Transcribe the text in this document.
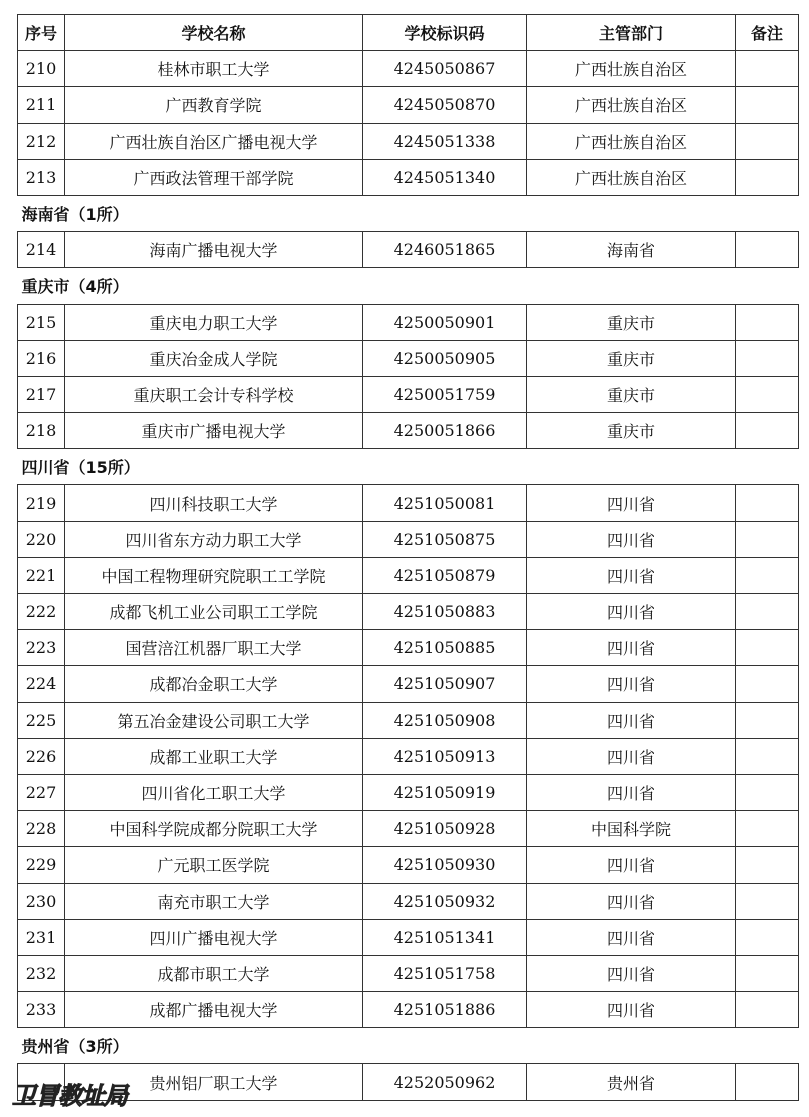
序号	学校名称	学校标识码	主管部门	备注
210	桂林市职工大学	4245050867	广西壮族自治区	
211	广西教育学院	4245050870	广西壮族自治区	
212	广西壮族自治区广播电视大学	4245051338	广西壮族自治区	
213	广西政法管理干部学院	4245051340	广西壮族自治区	
海南省（1所）				
214	海南广播电视大学	4246051865	海南省	
重庆市（4所）				
215	重庆电力职工大学	4250050901	重庆市	
216	重庆冶金成人学院	4250050905	重庆市	
217	重庆职工会计专科学校	4250051759	重庆市	
218	重庆市广播电视大学	4250051866	重庆市	
四川省（15所）				
219	四川科技职工大学	4251050081	四川省	
220	四川省东方动力职工大学	4251050875	四川省	
221	中国工程物理研究院职工工学院	4251050879	四川省	
222	成都飞机工业公司职工工学院	4251050883	四川省	
223	国营涪江机器厂职工大学	4251050885	四川省	
224	成都冶金职工大学	4251050907	四川省	
225	第五冶金建设公司职工大学	4251050908	四川省	
226	成都工业职工大学	4251050913	四川省	
227	四川省化工职工大学	4251050919	四川省	
228	中国科学院成都分院职工大学	4251050928	中国科学院	
229	广元职工医学院	4251050930	四川省	
230	南充市职工大学	4251050932	四川省	
231	四川广播电视大学	4251051341	四川省	
232	成都市职工大学	4251051758	四川省	
233	成都广播电视大学	4251051886	四川省	
贵州省（3所）				
	贵州铝厂职工大学	4252050962	贵州省	
卫冒教址局
